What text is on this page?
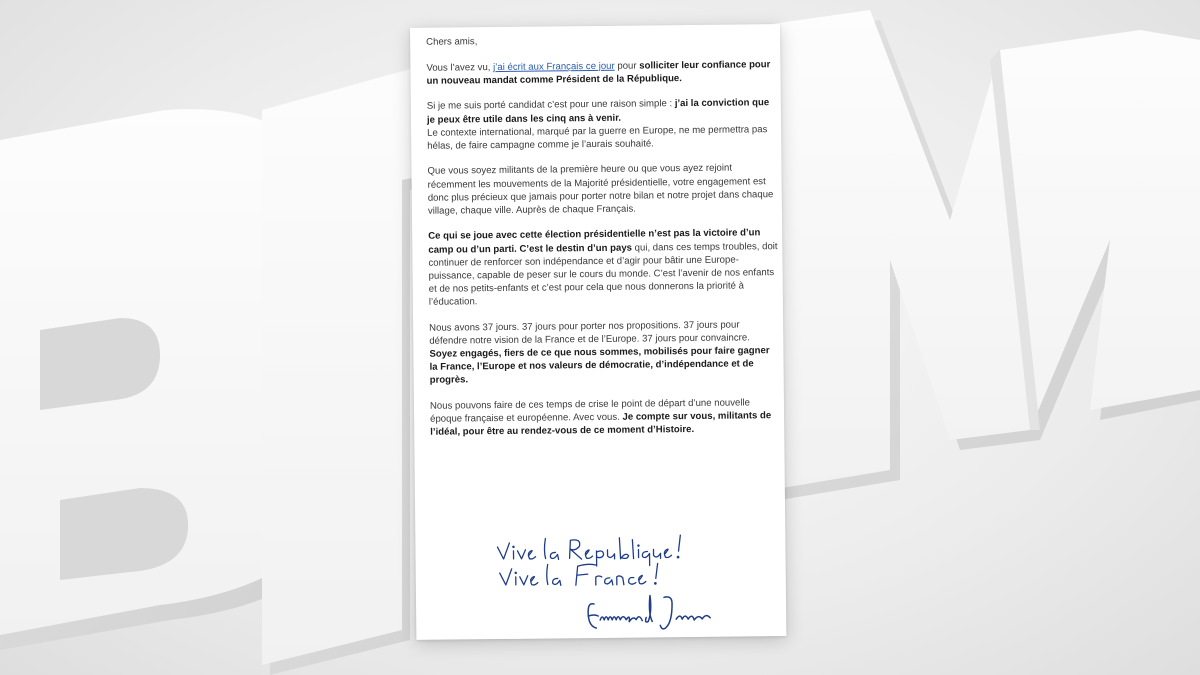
Chers amis,

Vous l’avez vu, j’ai écrit aux Français ce jour pour solliciter leur confiance pour un nouveau mandat comme Président de la République.

Si je me suis porté candidat c’est pour une raison simple : j’ai la conviction que je peux être utile dans les cinq ans à venir.
Le contexte international, marqué par la guerre en Europe, ne me permettra pas hélas, de faire campagne comme je l’aurais souhaité.

Que vous soyez militants de la première heure ou que vous ayez rejoint récemment les mouvements de la Majorité présidentielle, votre engagement est donc plus précieux que jamais pour porter notre bilan et notre projet dans chaque village, chaque ville. Auprès de chaque Français.

Ce qui se joue avec cette élection présidentielle n’est pas la victoire d’un camp ou d’un parti. C’est le destin d’un pays qui, dans ces temps troubles, doit continuer de renforcer son indépendance et d’agir pour bâtir une Europe-puissance, capable de peser sur le cours du monde. C’est l’avenir de nos enfants et de nos petits-enfants et c’est pour cela que nous donnerons la priorité à l’éducation.

Nous avons 37 jours. 37 jours pour porter nos propositions. 37 jours pour défendre notre vision de la France et de l’Europe. 37 jours pour convaincre. Soyez engagés, fiers de ce que nous sommes, mobilisés pour faire gagner la France, l’Europe et nos valeurs de démocratie, d’indépendance et de progrès.

Nous pouvons faire de ces temps de crise le point de départ d’une nouvelle époque française et européenne. Avec vous. Je compte sur vous, militants de l’idéal, pour être au rendez-vous de ce moment d’Histoire.
